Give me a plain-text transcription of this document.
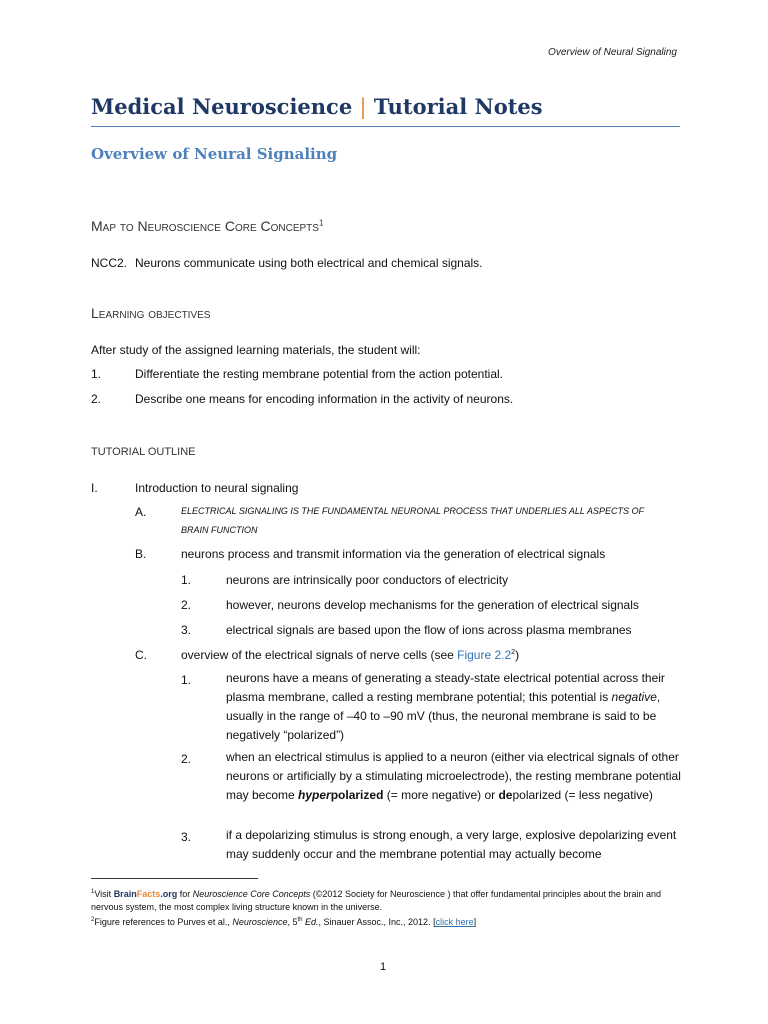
Overview of Neural Signaling
Medical Neuroscience | Tutorial Notes
Overview of Neural Signaling
Map to Neuroscience Core Concepts$^1$
NCC2. Neurons communicate using both electrical and chemical signals.
Learning objectives
After study of the assigned learning materials, the student will:
1.	Differentiate the resting membrane potential from the action potential.
2.	Describe one means for encoding information in the activity of neurons.
TUTORIAL OUTLINE
I.	Introduction to neural signaling
A.	ELECTRICAL SIGNALING IS THE FUNDAMENTAL NEURONAL PROCESS THAT UNDERLIES ALL ASPECTS OF BRAIN FUNCTION
B.	neurons process and transmit information via the generation of electrical signals
1.	neurons are intrinsically poor conductors of electricity
2.	however, neurons develop mechanisms for the generation of electrical signals
3.	electrical signals are based upon the flow of ions across plasma membranes
C.	overview of the electrical signals of nerve cells (see Figure $2.2^2$)
1.	neurons have a means of generating a steady-state electrical potential across their plasma membrane, called a resting membrane potential; this potential is negative, usually in the range of –40 to –90 mV (thus, the neuronal membrane is said to be negatively “polarized”)
2.	when an electrical stimulus is applied to a neuron (either via electrical signals of other neurons or artificially by a stimulating microelectrode), the resting membrane potential may become hyperpolarized (= more negative) or depolarized (= less negative)
3.	if a depolarizing stimulus is strong enough, a very large, explosive depolarizing event may suddenly occur and the membrane potential may actually become
$^1$Visit BrainFacts.org for Neuroscience Core Concepts (©2012 Society for Neuroscience ) that offer fundamental principles about the brain and nervous system, the most complex living structure known in the universe.
$^2$Figure references to Purves et al., Neuroscience, 5th Ed., Sinauer Assoc., Inc., 2012. [click here]
1
